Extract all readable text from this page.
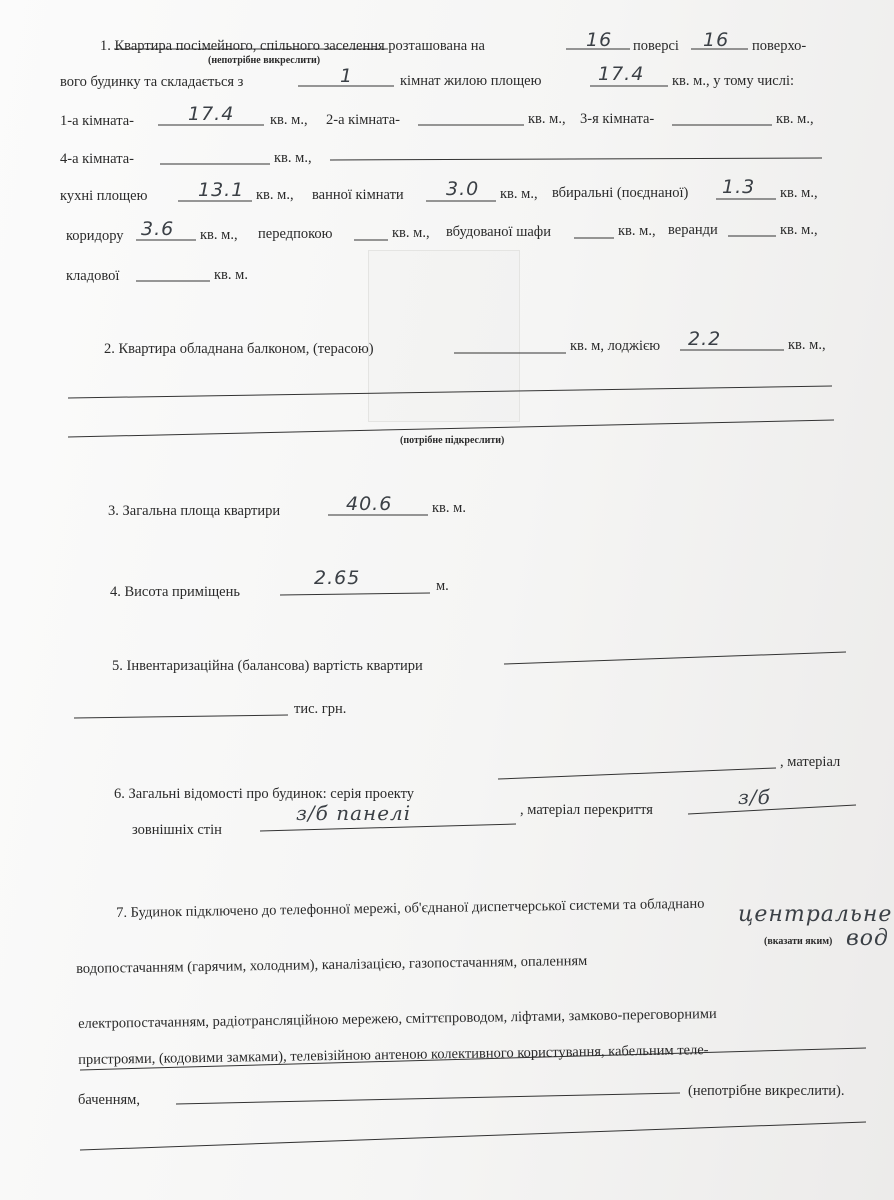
1. Квартира посімейного, спільного заселення розташована на
(непотрібне викреслити)
16 поверсі 16 поверхо-
вого будинку та складається з	1	кімнат жилою площею	17.4 кв. м., у тому числі:
1-а кімната-	17.4 кв. м., 2-а кімната-	кв. м., 3-я кімната-	кв. м.,
4-а кімната-	кв. м.,
кухні площею	13.1 кв. м., ванної кімнати 3.0 кв. м., вбиральні (поєднаної) 1.3 кв. м.,
коридору 3.6 кв. м., передпокою	кв. м., вбудованої шафи	кв. м., веранди	кв. м.,
кладової	кв. м.
2. Квартира обладнана балконом, (терасою)	кв. м, лоджією 2.2	кв. м.,
(потрібне підкреслити)
3. Загальна площа квартири	40.6	кв. м.
4. Висота приміщень
2.65	м.
5. Інвентаризаційна (балансова) вартість квартири
тис. грн.
6. Загальні відомості про будинок: серія проекту
, матеріал
зовнішніх стін
з/б панелі	, матеріал перекриття
з/б
7. Будинок підключено до телефонної мережі, об'єднаної диспетчерської системи та обладнано
водопостачанням (гарячим, холодним), каналізацією, газопостачанням, опаленням
центральне
(вказати яким) вод
електропостачанням, радіотрансляційною мережею, сміттєпроводом, ліфтами, замково-переговорними
пристроями, (кодовими замками), телевізійною антеною колективного користування, кабельним теле-
баченням,
(непотрібне викреслити).
